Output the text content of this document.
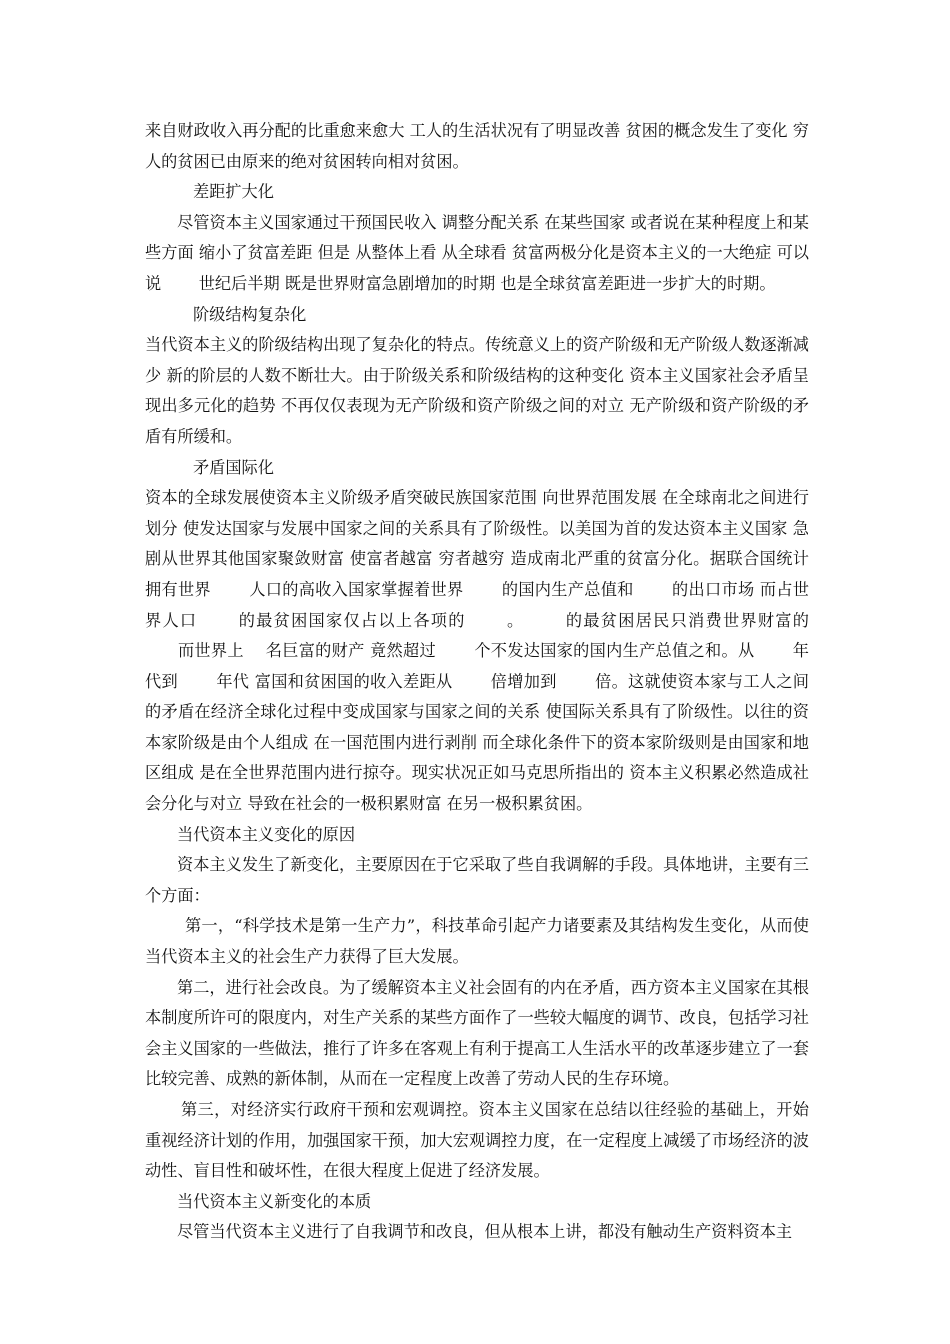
来自财政收入再分配的比重愈来愈大 工人的生活状况有了明显改善 贫困的概念发生了变化 穷人的贫困已由原来的绝对贫困转向相对贫困。

差距扩大化

尽管资本主义国家通过干预国民收入 调整分配关系 在某些国家 或者说在某种程度上和某些方面 缩小了贫富差距 但是 从整体上看 从全球看 贫富两极分化是资本主义的一大绝症 可以说 　　世纪后半期 既是世界财富急剧增加的时期 也是全球贫富差距进一步扩大的时期。

阶级结构复杂化

当代资本主义的阶级结构出现了复杂化的特点。传统意义上的资产阶级和无产阶级人数逐渐减少 新的阶层的人数不断壮大。由于阶级关系和阶级结构的这种变化 资本主义国家社会矛盾呈现出多元化的趋势 不再仅仅表现为无产阶级和资产阶级之间的对立 无产阶级和资产阶级的矛盾有所缓和。

矛盾国际化

资本的全球发展使资本主义阶级矛盾突破民族国家范围 向世界范围发展 在全球南北之间进行划分 使发达国家与发展中国家之间的关系具有了阶级性。以美国为首的发达资本主义国家 急剧从世界其他国家聚敛财富 使富者越富 穷者越穷 造成南北严重的贫富分化。据联合国统计 拥有世界 　　人口的高收入国家掌握着世界 　　的国内生产总值和 　　的出口市场 而占世界人口 　　的最贫困国家仅占以上各项的 　　。 　　的最贫困居民只消费世界财富的 　　而世界上 　名巨富的财产 竟然超过 　　个不发达国家的国内生产总值之和。从 　　年代到 　　年代 富国和贫困国的收入差距从 　　倍增加到 　　倍。这就使资本家与工人之间的矛盾在经济全球化过程中变成国家与国家之间的关系 使国际关系具有了阶级性。以往的资本家阶级是由个人组成 在一国范围内进行剥削 而全球化条件下的资本家阶级则是由国家和地区组成 是在全世界范围内进行掠夺。现实状况正如马克思所指出的 资本主义积累必然造成社会分化与对立 导致在社会的一极积累财富 在另一极积累贫困。

当代资本主义变化的原因

资本主义发生了新变化，主要原因在于它采取了些自我调解的手段。具体地讲，主要有三个方面：

第一，“科学技术是第一生产力”，科技革命引起产力诸要素及其结构发生变化，从而使当代资本主义的社会生产力获得了巨大发展。

第二，进行社会改良。为了缓解资本主义社会固有的内在矛盾，西方资本主义国家在其根本制度所许可的限度内，对生产关系的某些方面作了一些较大幅度的调节、改良，包括学习社会主义国家的一些做法，推行了许多在客观上有利于提高工人生活水平的改革逐步建立了一套比较完善、成熟的新体制，从而在一定程度上改善了劳动人民的生存环境。

第三，对经济实行政府干预和宏观调控。资本主义国家在总结以往经验的基础上，开始重视经济计划的作用，加强国家干预，加大宏观调控力度，在一定程度上减缓了市场经济的波动性、盲目性和破坏性，在很大程度上促进了经济发展。

当代资本主义新变化的本质

尽管当代资本主义进行了自我调节和改良，但从根本上讲，都没有触动生产资料资本主
